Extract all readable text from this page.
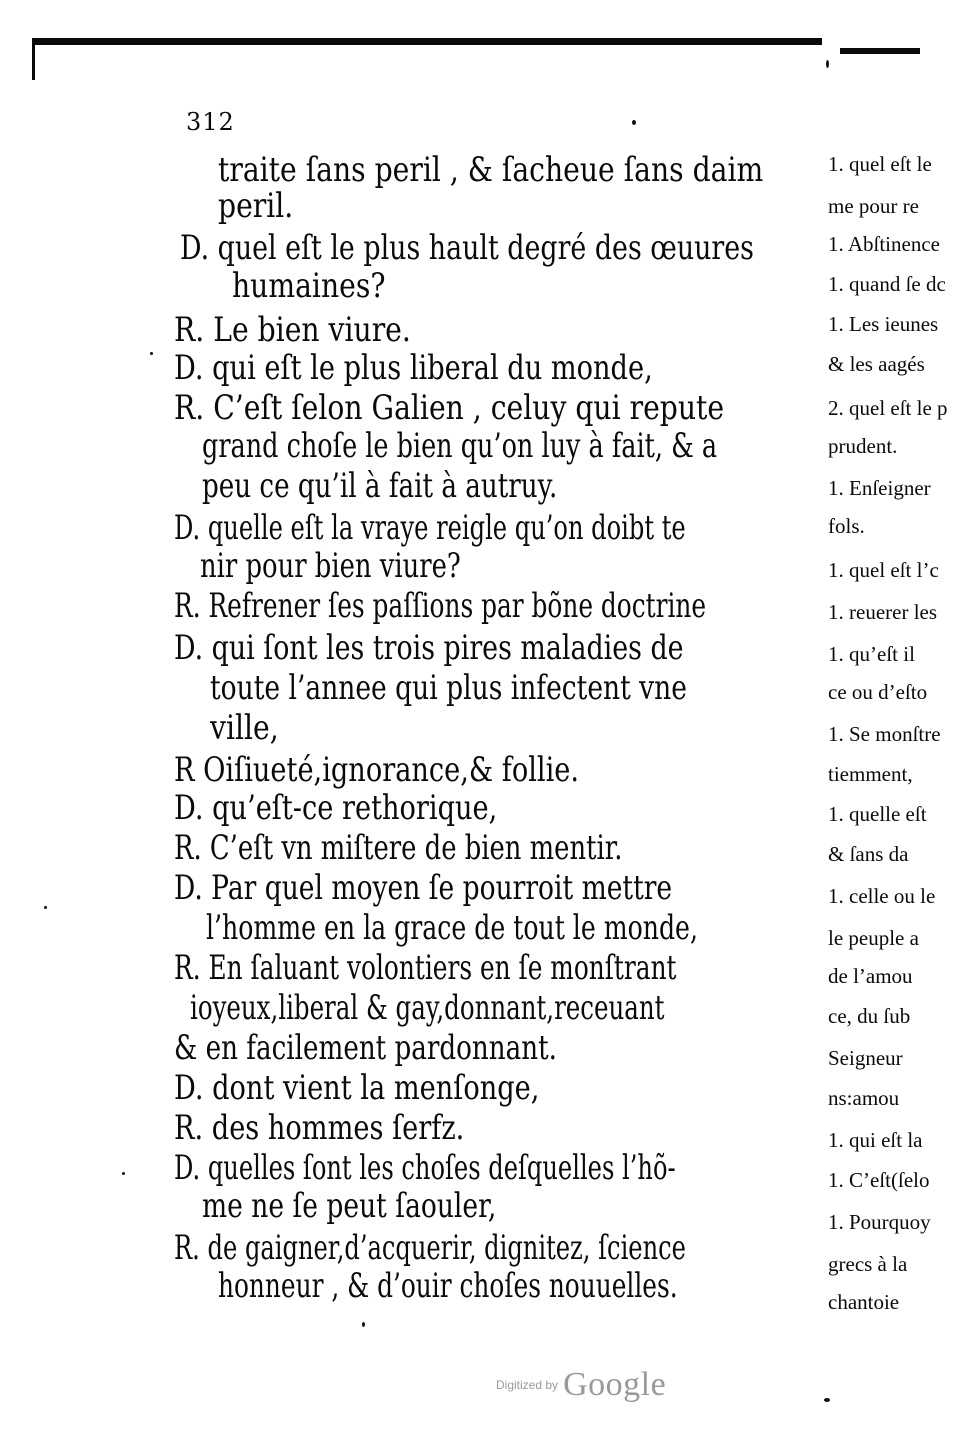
312
traite ſans peril , & ſacheue ſans daim
peril.
D. quel eſt le plus hault degré des œuures
humaines?
R. Le bien viure.
D. qui eſt le plus liberal du monde,
R. C’eſt ſelon Galien , celuy qui repute
grand choſe le bien qu’on luy à fait, & a
peu ce qu’il à fait à autruy.
D. quelle eſt la vraye reigle qu’on doibt te
nir pour bien viure?
R. Refrener ſes paſſions par bõne doctrine
D. qui ſont les trois pires maladies de
toute l’annee qui plus infectent vne
ville,
R Oiſiueté,ignorance,& follie.
D. qu’eſt-ce rethorique,
R. C’eſt vn miſtere de bien mentir.
D. Par quel moyen ſe pourroit mettre
l’homme en la grace de tout le monde,
R. En ſaluant volontiers en ſe monſtrant
ioyeux,liberal & gay,donnant,receuant
& en facilement pardonnant.
D. dont vient la menſonge,
R. des hommes ſerfz.
D. quelles ſont les choſes deſquelles l’hõ-
me ne ſe peut ſaouler,
R. de gaigner,d’acquerir, dignitez, ſcience
honneur , & d’ouir choſes nouuelles.
1. quel eſt le
me pour re
1. Abſtinence
1. quand ſe dc
1. Les ieunes
& les aagés
2. quel eſt le p
prudent.
1. Enſeigner
fols.
1. quel eſt l’c
1. reuerer les
1. qu’eſt il
ce ou d’eſto
1. Se monſtre
tiemment,
1. quelle eſt
& ſans da
1. celle ou le
le peuple a
de l’amou
ce, du ſub
Seigneur
ns:amou
1. qui eſt la
1. C’eſt(ſelo
1. Pourquoy
grecs à la
chantoie
Digitized by Google
